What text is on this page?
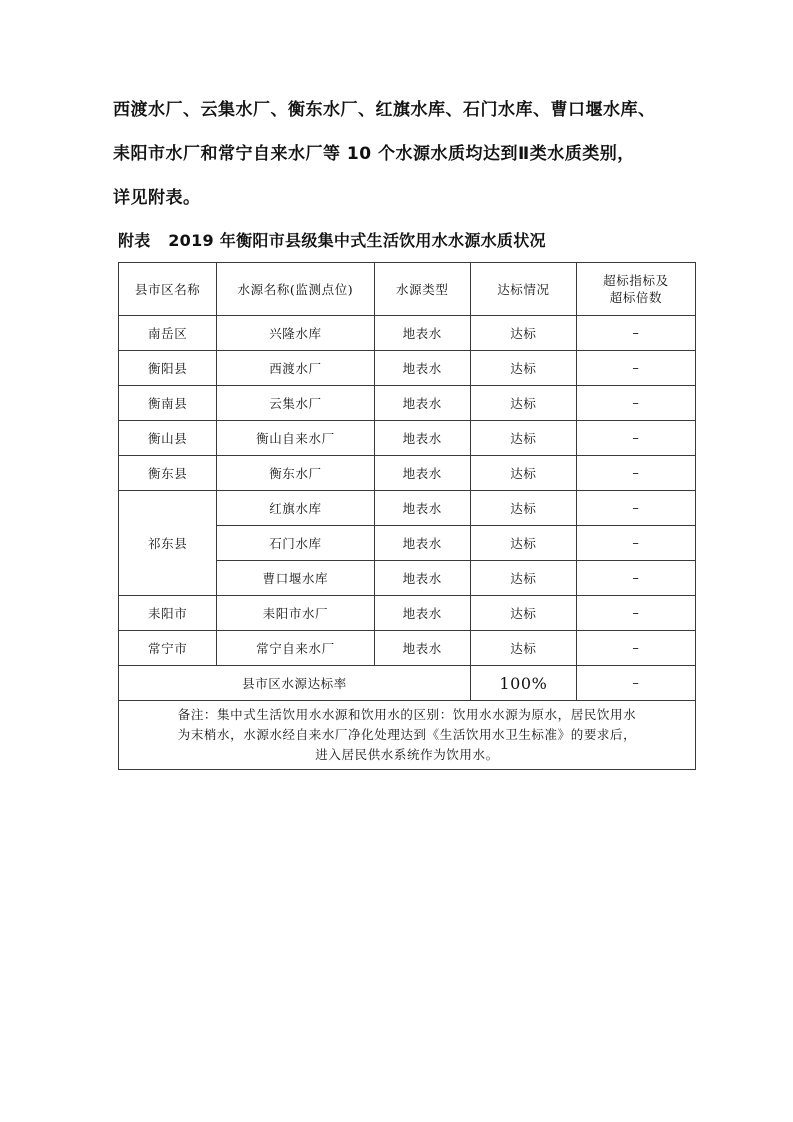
西渡水厂、云集水厂、衡东水厂、红旗水库、石门水库、曹口堰水库、

耒阳市水厂和常宁自来水厂等 10 个水源水质均达到Ⅱ类水质类别，

详见附表。

附表   2019 年衡阳市县级集中式生活饮用水水源水质状况
县市区名称	水源名称(监测点位)	水源类型	达标情况	超标指标及
超标倍数
南岳区	兴隆水库	地表水	达标	–
衡阳县	西渡水厂	地表水	达标	–
衡南县	云集水厂	地表水	达标	–
衡山县	衡山自来水厂	地表水	达标	–
衡东县	衡东水厂	地表水	达标	–
祁东县	红旗水库	地表水	达标	–
	石门水库	地表水	达标	–
	曹口堰水库	地表水	达标	–
耒阳市	耒阳市水厂	地表水	达标	–
常宁市	常宁自来水厂	地表水	达标	–
县市区水源达标率			100%	–

备注：集中式生活饮用水水源和饮用水的区别：饮用水水源为原水，居民饮用水
为末梢水，水源水经自来水厂净化处理达到《生活饮用水卫生标准》的要求后，
进入居民供水系统作为饮用水。				
